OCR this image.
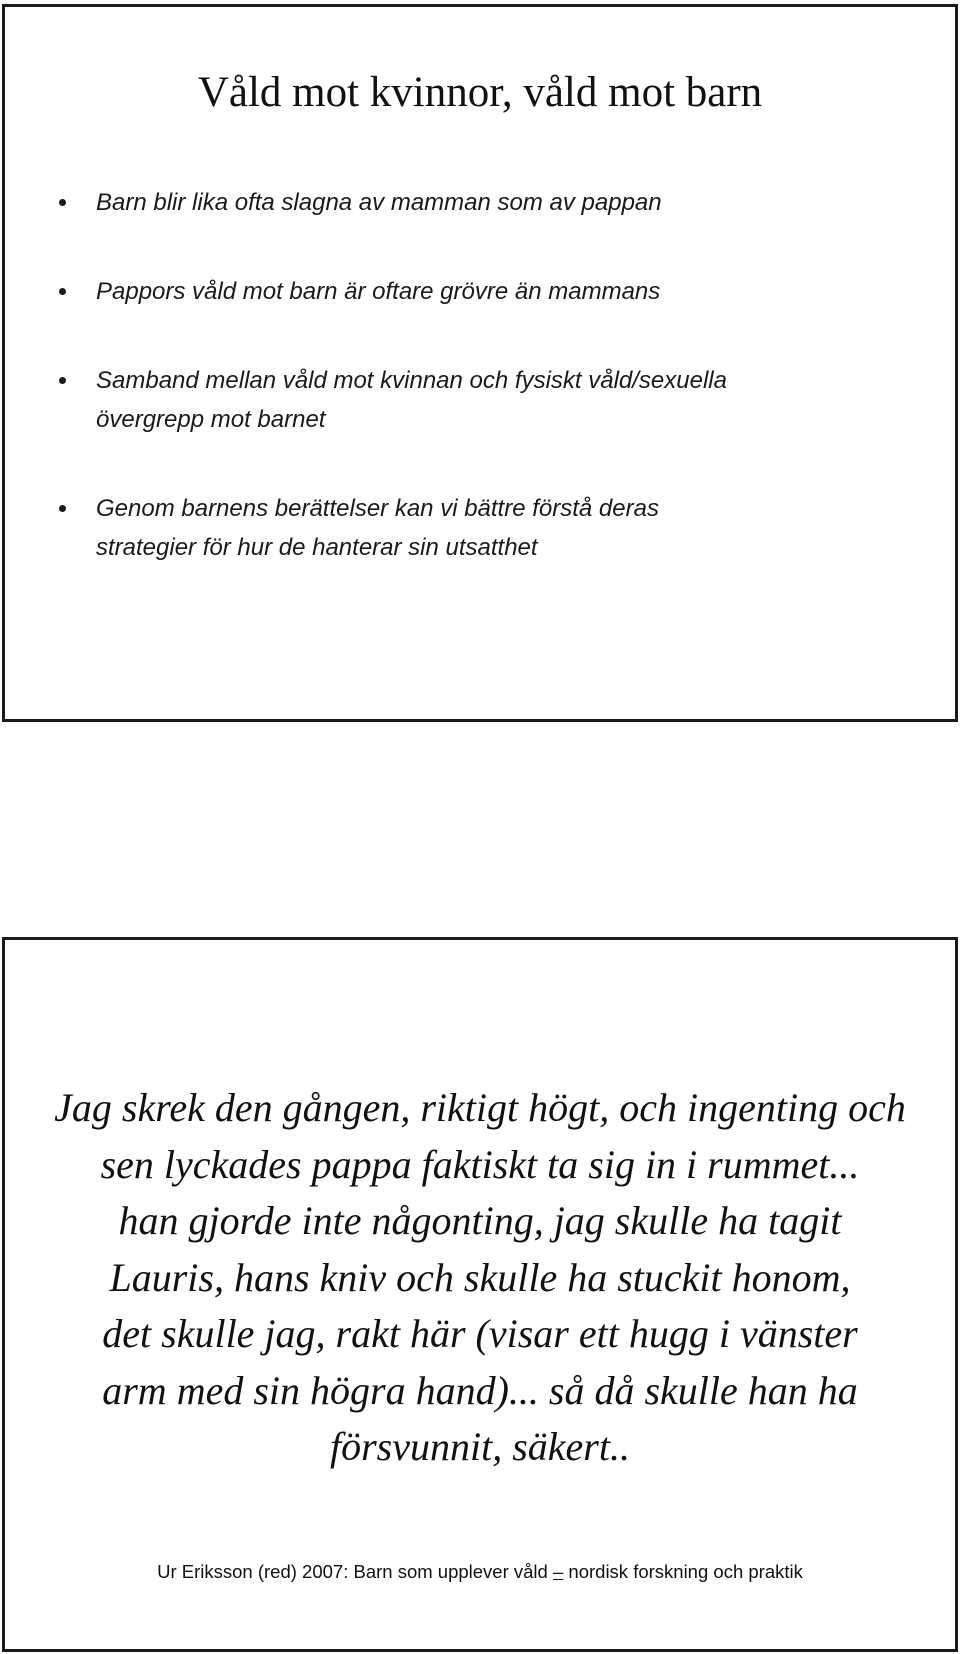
Våld mot kvinnor, våld mot barn
Barn blir lika ofta slagna av mamman som av pappan
Pappors våld mot barn är oftare grövre än mammans
Samband mellan våld mot kvinnan och fysiskt våld/sexuella
övergrepp mot barnet
Genom barnens berättelser kan vi bättre förstå deras
strategier för hur de hanterar sin utsatthet

Jag skrek den gången, riktigt högt, och ingenting och
sen lyckades pappa faktiskt ta sig in i rummet...
han gjorde inte någonting, jag skulle ha tagit
Lauris, hans kniv och skulle ha stuckit honom,
det skulle jag, rakt här (visar ett hugg i vänster
arm med sin högra hand)... så då skulle han ha
försvunnit, säkert..

Ur Eriksson (red) 2007: Barn som upplever våld – nordisk forskning och praktik
